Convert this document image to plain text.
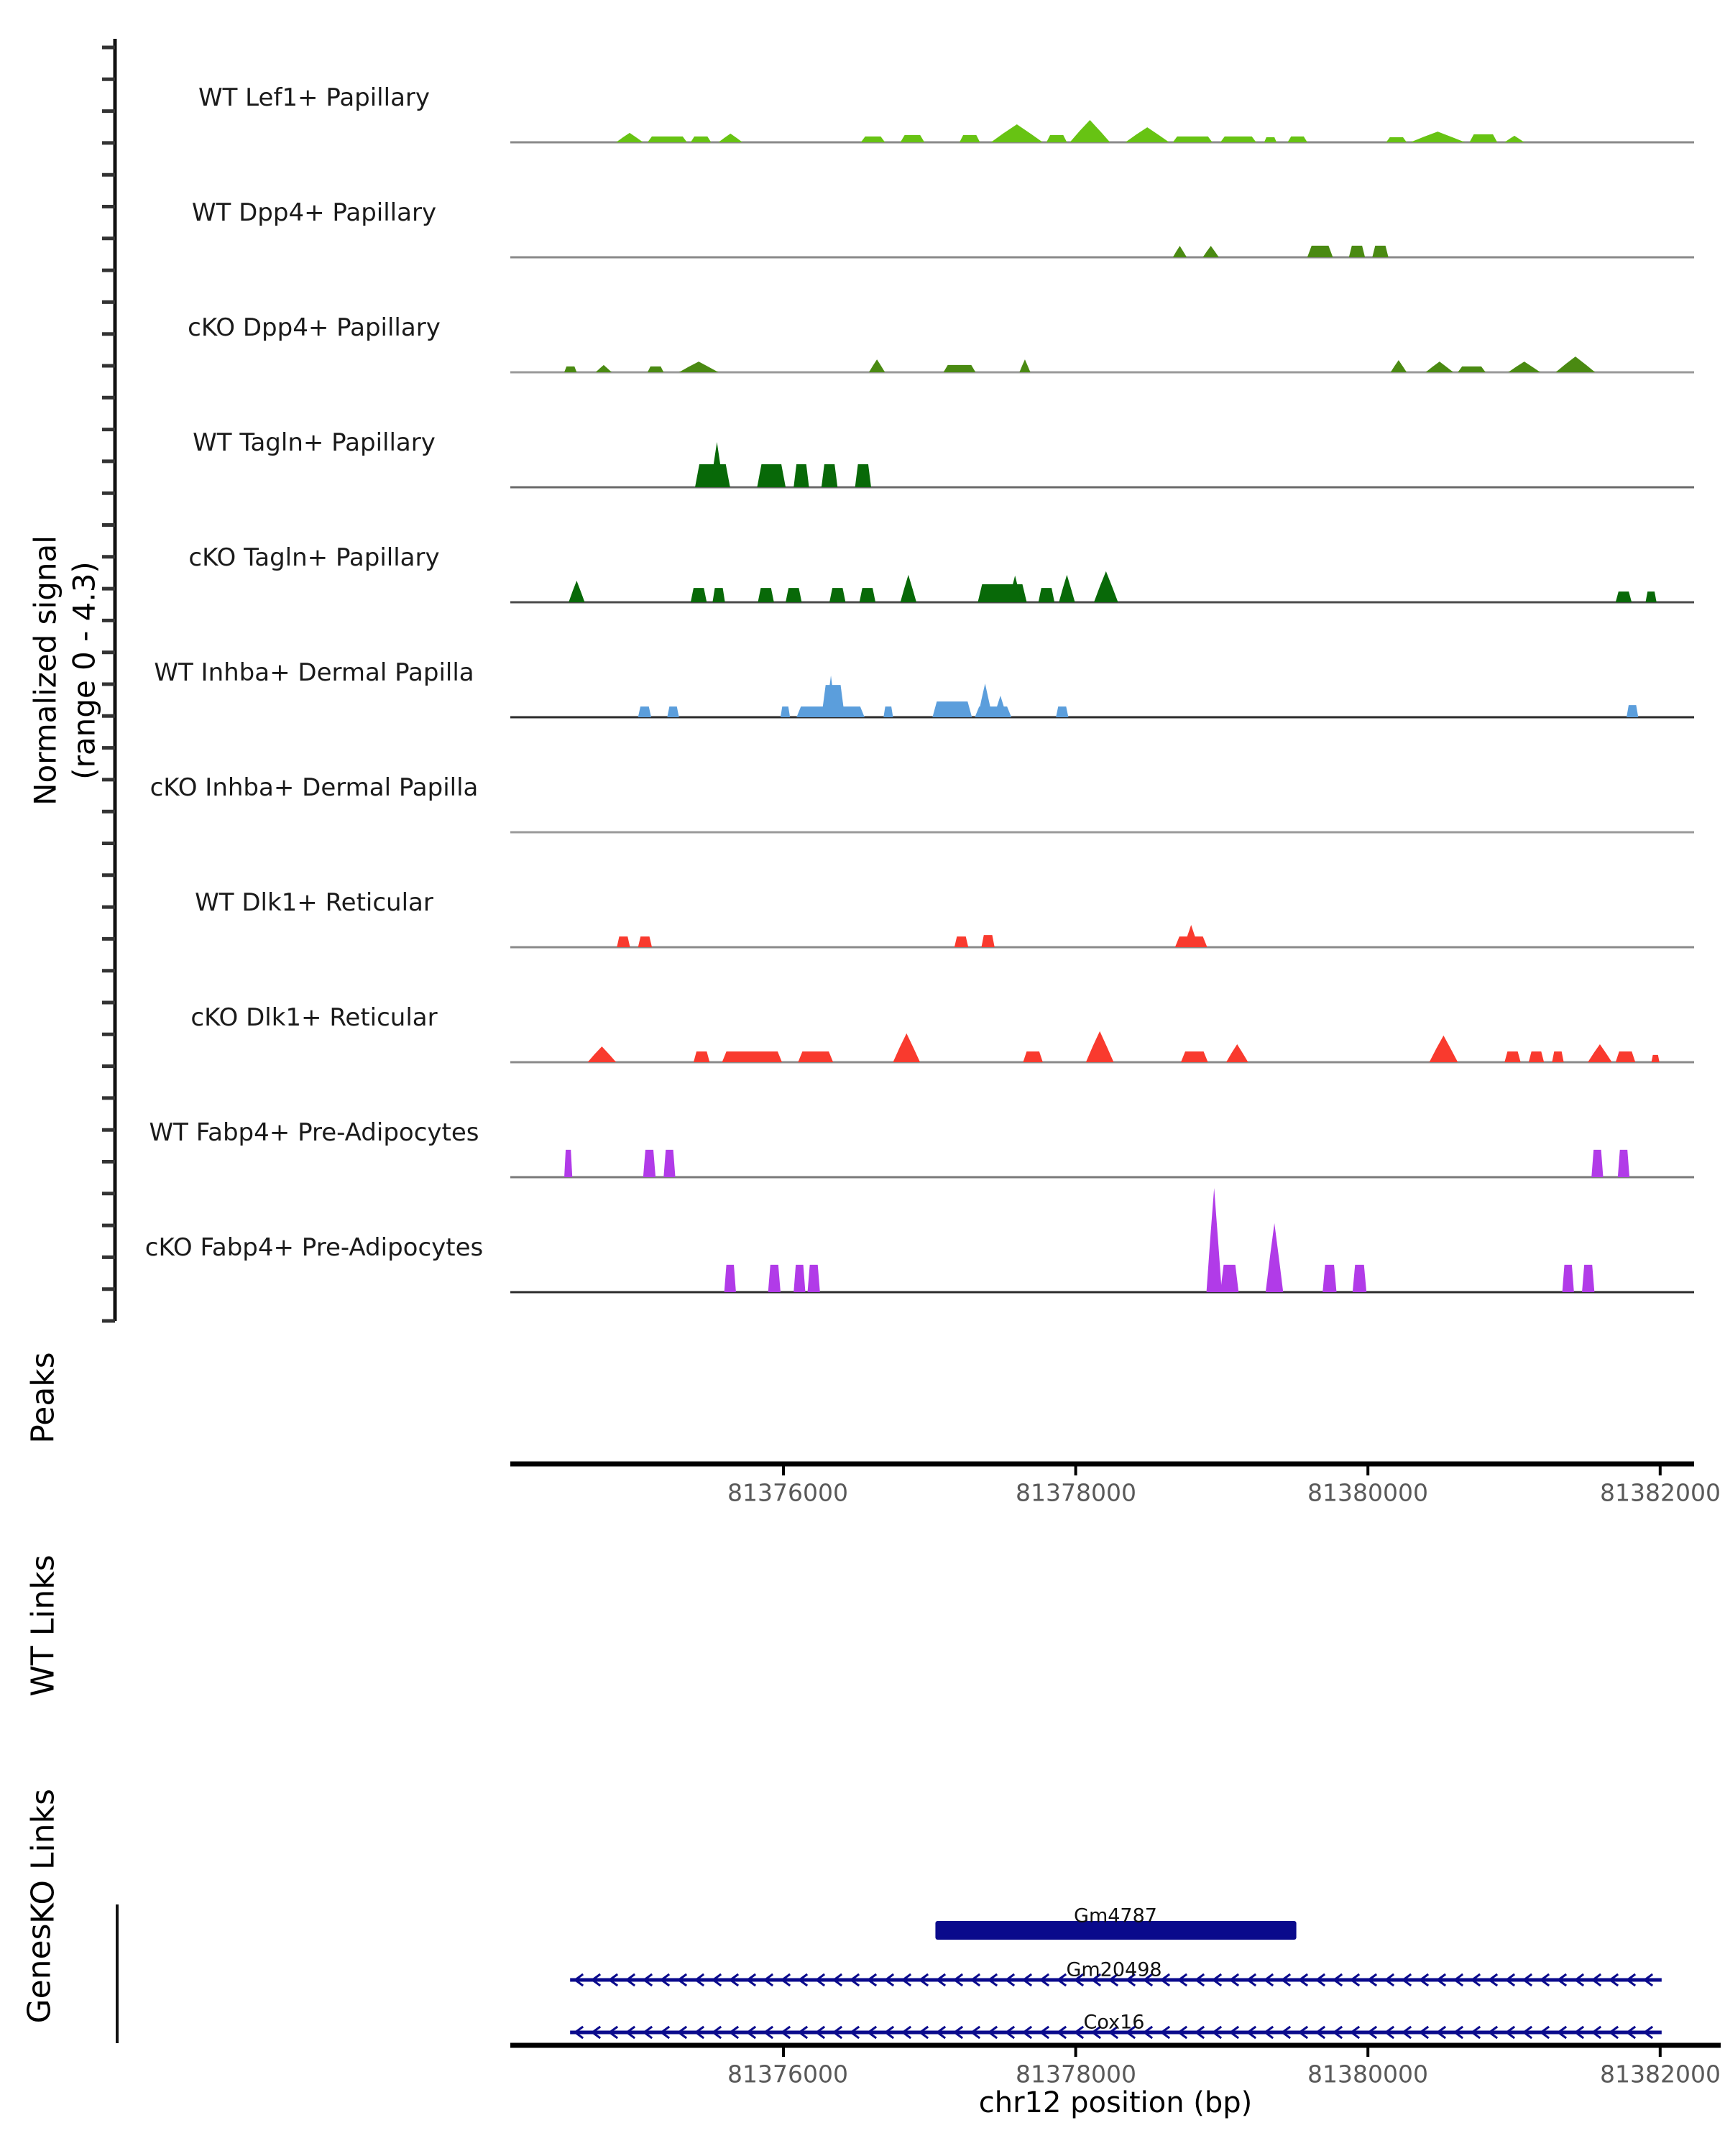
Normalized signal (range 0 - 4.3)
WT Lef1+ Papillary
WT Dpp4+ Papillary
cKO Dpp4+ Papillary
WT Tagln+ Papillary
cKO Tagln+ Papillary
WT Inhba+ Dermal Papilla
cKO Inhba+ Dermal Papilla
WT Dlk1+ Reticular
cKO Dlk1+ Reticular
WT Fabp4+ Pre-Adipocytes
cKO Fabp4+ Pre-Adipocytes
Peaks
WT Links
KO Links
Genes
81376000	81378000	81380000	81382000
Gm4787
Gm20498
Cox16
81376000	81378000	81380000	81382000
chr12 position (bp)
